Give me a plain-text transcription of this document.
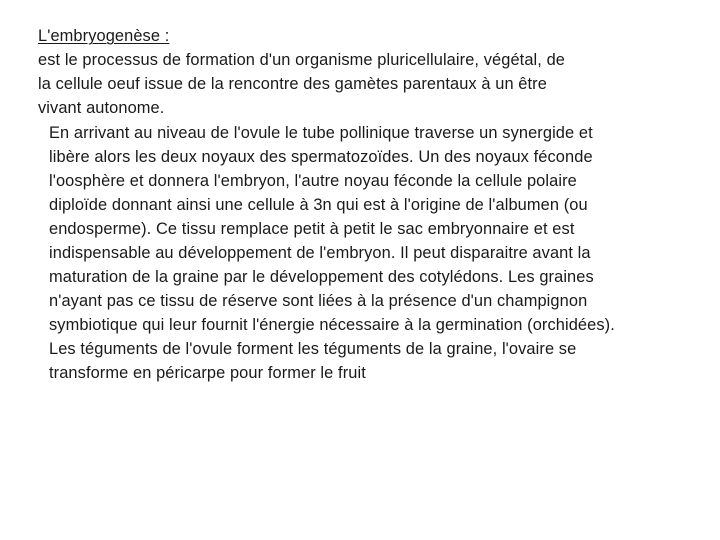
L'embryogenèse :
est le processus de formation d'un organisme pluricellulaire, végétal, de
la cellule oeuf issue de la rencontre des gamètes parentaux à un être
vivant autonome.
En arrivant au niveau de l'ovule le tube pollinique traverse un synergide et
libère alors les deux noyaux des spermatozoïdes. Un des noyaux féconde
l'oosphère et donnera l'embryon, l'autre noyau féconde la cellule polaire
diploïde donnant ainsi une cellule à 3n qui est à l'origine de l'albumen (ou
endosperme). Ce tissu remplace petit à petit le sac embryonnaire et est
indispensable au développement de l'embryon. Il peut disparaitre avant la
maturation de la graine par le développement des cotylédons. Les graines
n'ayant pas ce tissu de réserve sont liées à la présence d'un champignon
symbiotique qui leur fournit l'énergie nécessaire à la germination (orchidées).
Les téguments de l'ovule forment les téguments de la graine, l'ovaire se
transforme en péricarpe pour former le fruit
